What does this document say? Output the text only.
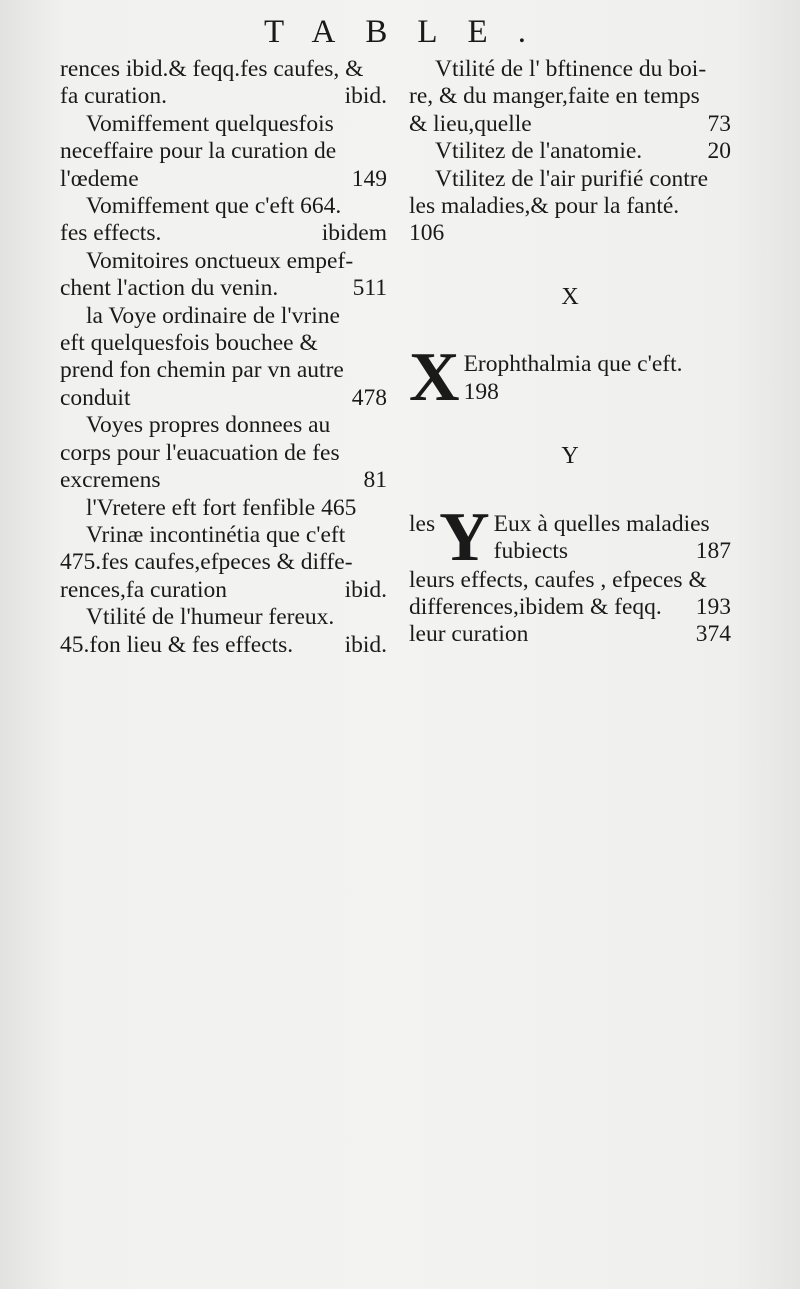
TABLE.
rences ibid.& feqq.fes caufes, &
fa curation.	ibid.
Vomiffement quelquesfois
neceffaire pour la curation de
l'œdeme	149
Vomiffement que c'eft 664.
fes effects.	ibidem
Vomitoires onctueux empef-
chent l'action du venin.	511
la Voye ordinaire de l'vrine
eft quelquesfois bouchee &
prend fon chemin par vn autre
conduit	478
Voyes propres donnees au
corps pour l'euacuation de fes
excremens	81
l'Vretere eft fort fenfible 465
Vrinæ incontinétia que c'eft
475.fes caufes,efpeces & diffe-
rences,fa curation	ibid.
Vtilité de l'humeur fereux.
45.fon lieu & fes effects. ibid.
Vtilité de l' bftinence du boi-
re, & du manger,faite en temps
& lieu,quelle	73
Vtilitez de l'anatomie.	20
Vtilitez de l'air purifié contre
les maladies,& pour la fanté.
106

X

X Erophthalmia que c'eft.
198

Y

les Y Eux à quelles maladies
fubiects	187
leurs effects, caufes , efpeces &
differences,ibidem & feqq. 193
leur curation	374
